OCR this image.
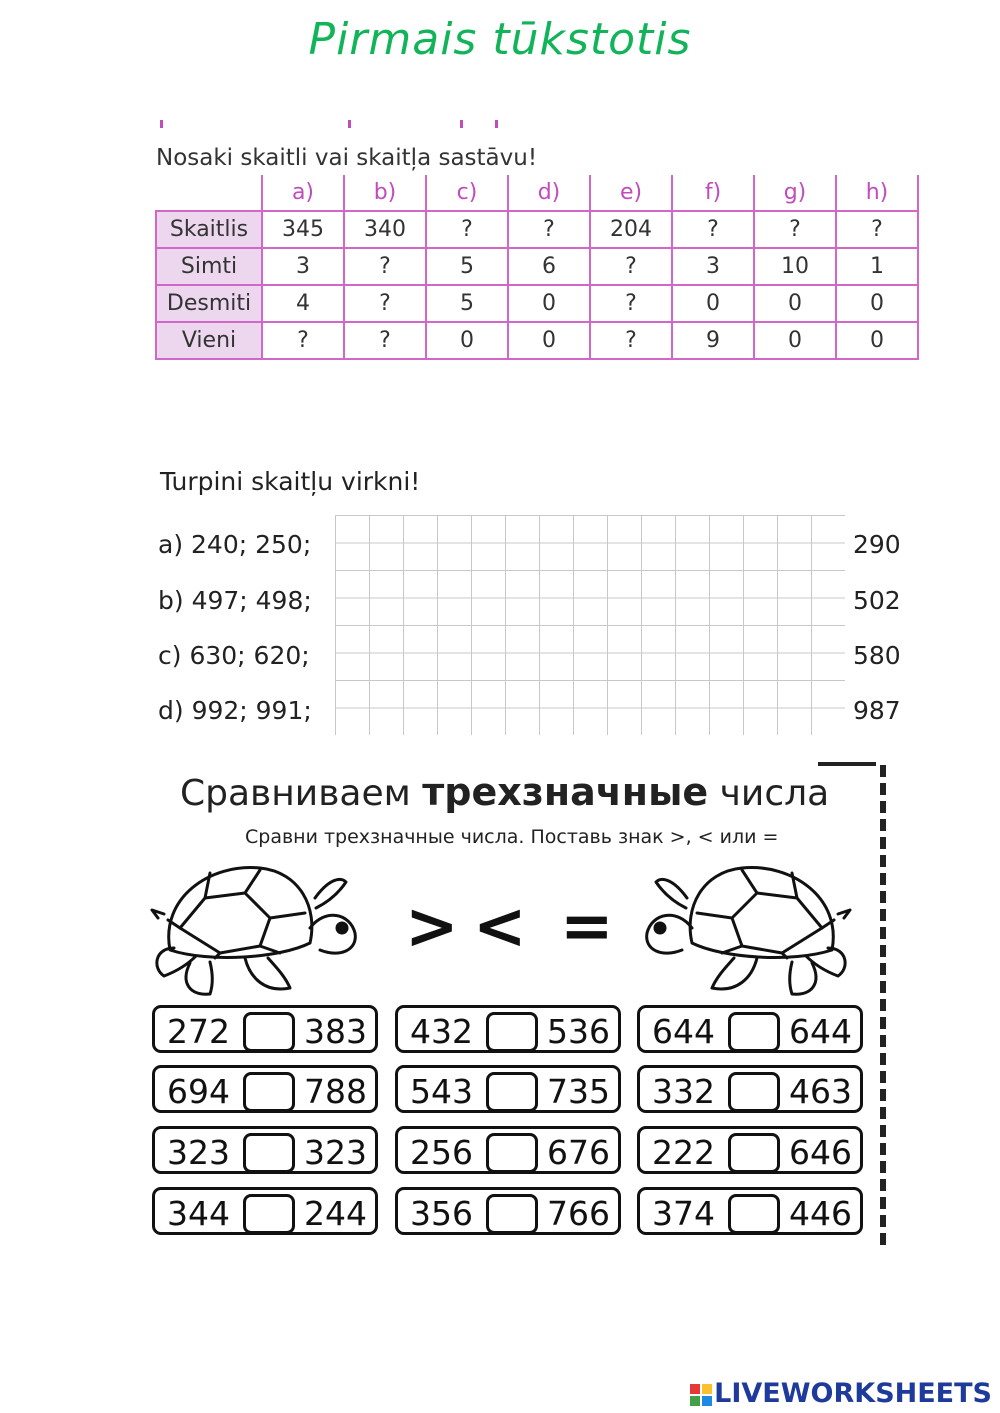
Pirmais tūkstotis
Nosaki skaitli vai skaitļa sastāvu!
	a)	b)	c)	d)	e)	f)	g)	h)
Skaitlis	345	340	?	?	204	?	?	?
Simti	3	?	5	6	?	3	10	1
Desmiti	4	?	5	0	?	0	0	0
Vieni	?	?	0	0	?	9	0	0
Turpini skaitļu virkni!
a) 240; 250;	290
b) 497; 498;	502
c) 630; 620;	580
d) 992; 991;	987
Сравниваем трехзначные числа
Сравни трехзначные числа. Поставь знак >, < или =
> < =
272 383 432 536 644 644
694 788 543 735 332 463
323 323 256 676 222 646
344 244 356 766 374 446
LIVEWORKSHEETS
